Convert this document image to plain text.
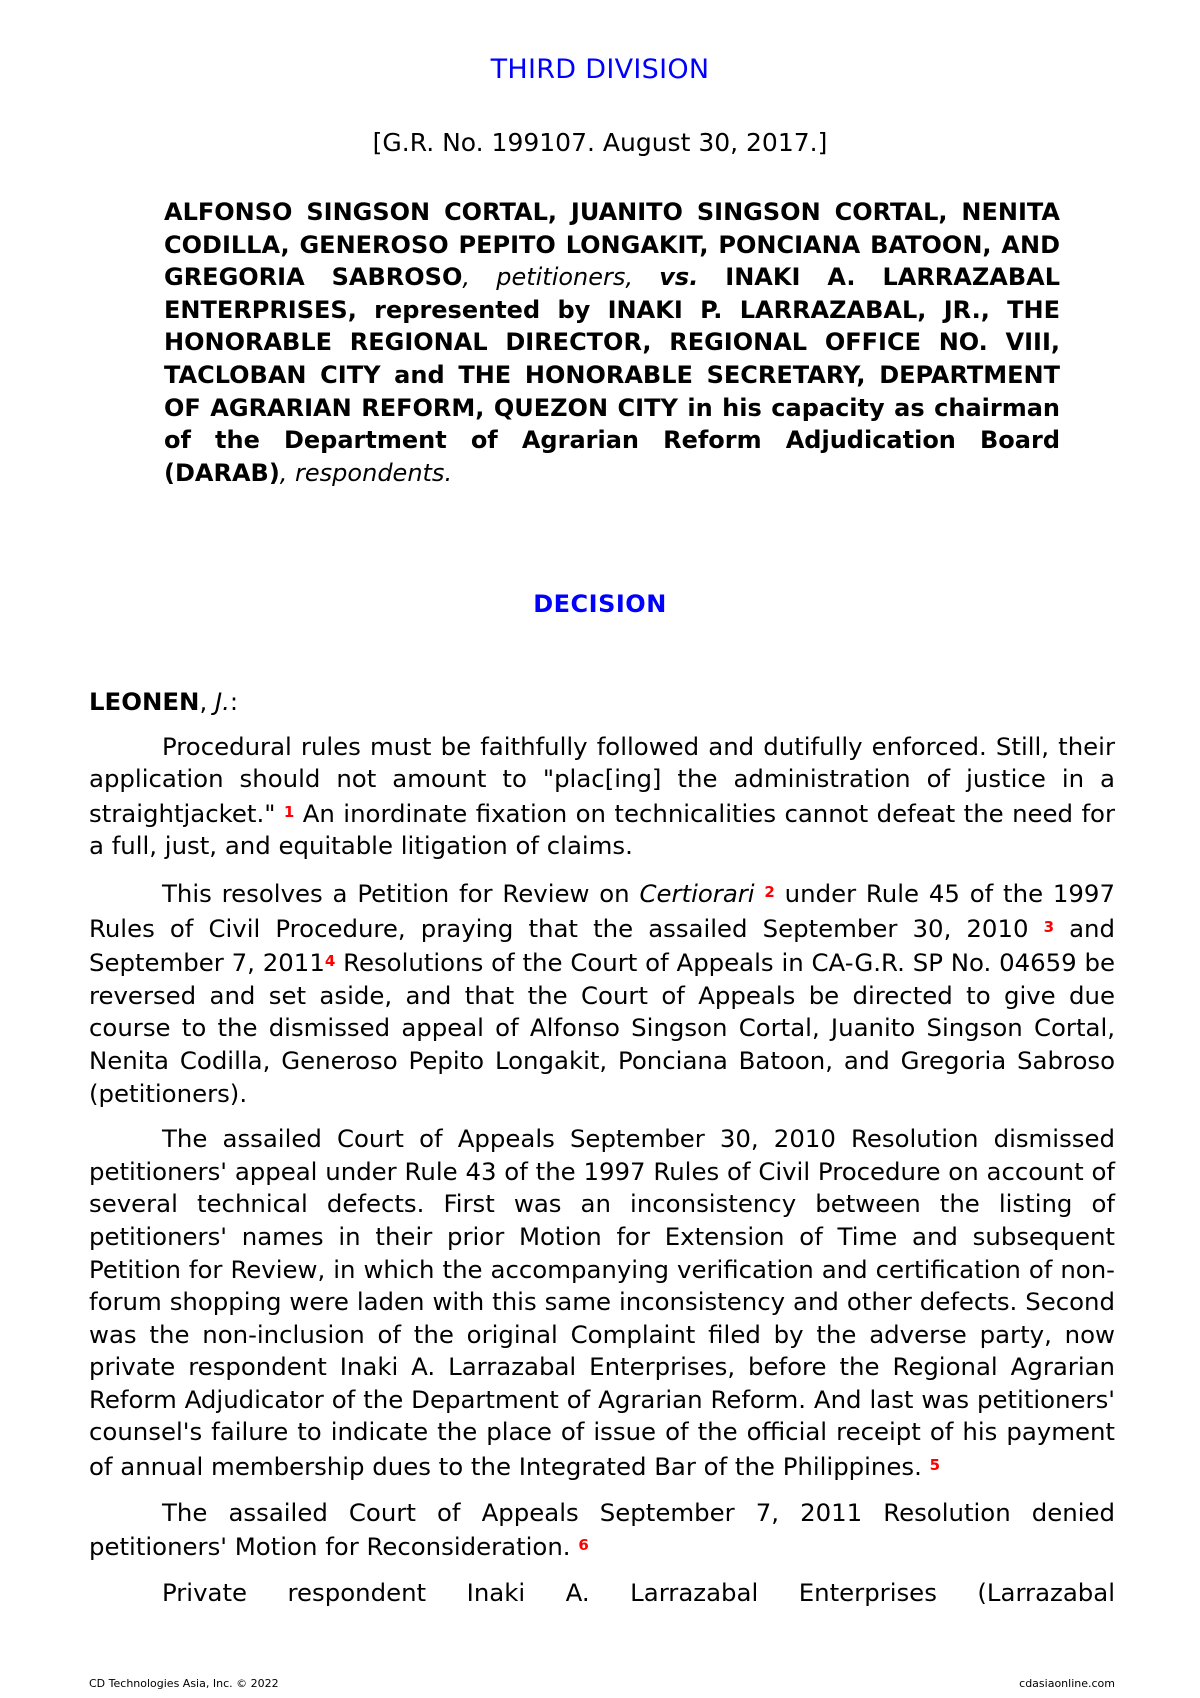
THIRD DIVISION
[G.R. No. 199107. August 30, 2017.]
ALFONSO SINGSON CORTAL, JUANITO SINGSON CORTAL, NENITA CODILLA, GENEROSO PEPITO LONGAKIT, PONCIANA BATOON, AND GREGORIA SABROSO, petitioners, vs. INAKI A. LARRAZABAL ENTERPRISES, represented by INAKI P. LARRAZABAL, JR., THE HONORABLE REGIONAL DIRECTOR, REGIONAL OFFICE NO. VIII, TACLOBAN CITY and THE HONORABLE SECRETARY, DEPARTMENT OF AGRARIAN REFORM, QUEZON CITY in his capacity as chairman of the Department of Agrarian Reform Adjudication Board (DARAB), respondents.
DECISION

LEONEN, J.:

Procedural rules must be faithfully followed and dutifully enforced. Still, their application should not amount to "plac[ing] the administration of justice in a straightjacket." $^1$ An inordinate fixation on technicalities cannot defeat the need for a full, just, and equitable litigation of claims.

This resolves a Petition for Review on Certiorari $^2$ under Rule 45 of the 1997 Rules of Civil Procedure, praying that the assailed September 30, 2010 $^3$ and September 7, 2011$^4$ Resolutions of the Court of Appeals in CA-G.R. SP No. 04659 be reversed and set aside, and that the Court of Appeals be directed to give due course to the dismissed appeal of Alfonso Singson Cortal, Juanito Singson Cortal, Nenita Codilla, Generoso Pepito Longakit, Ponciana Batoon, and Gregoria Sabroso (petitioners).

The assailed Court of Appeals September 30, 2010 Resolution dismissed petitioners' appeal under Rule 43 of the 1997 Rules of Civil Procedure on account of several technical defects. First was an inconsistency between the listing of petitioners' names in their prior Motion for Extension of Time and subsequent Petition for Review, in which the accompanying verification and certification of non-forum shopping were laden with this same inconsistency and other defects. Second was the non-inclusion of the original Complaint filed by the adverse party, now private respondent Inaki A. Larrazabal Enterprises, before the Regional Agrarian Reform Adjudicator of the Department of Agrarian Reform. And last was petitioners' counsel's failure to indicate the place of issue of the official receipt of his payment of annual membership dues to the Integrated Bar of the Philippines. $^5$

The assailed Court of Appeals September 7, 2011 Resolution denied petitioners' Motion for Reconsideration. $^6$

Private respondent Inaki A. Larrazabal Enterprises (Larrazabal

CD Technologies Asia, Inc. © 2022	cdasiaonline.com
